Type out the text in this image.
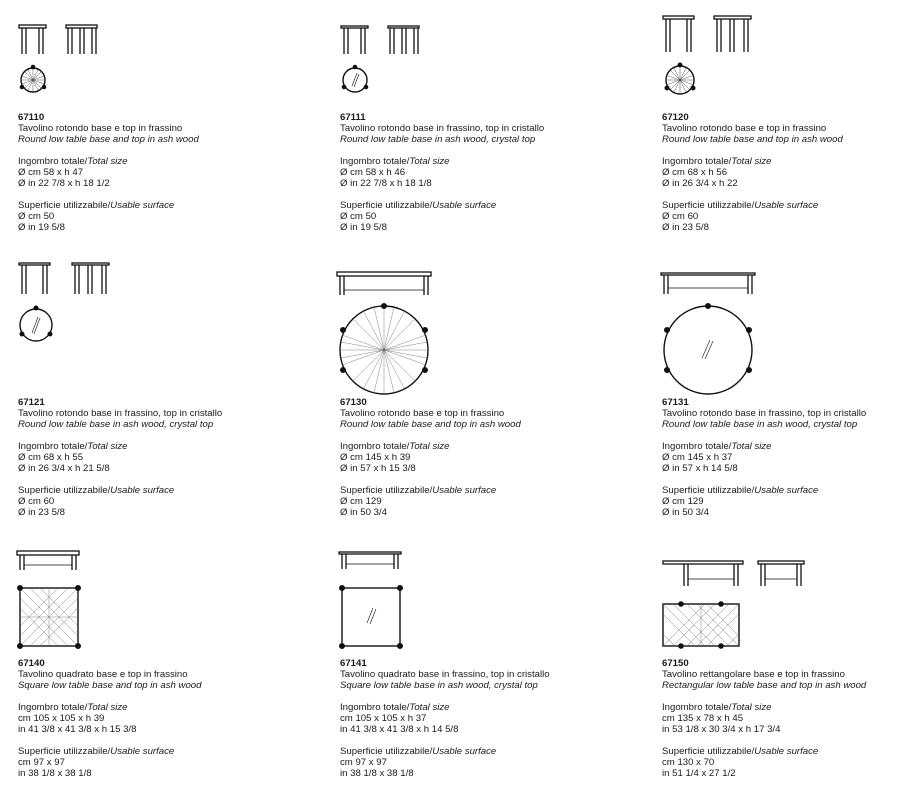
67110
Tavolino rotondo base e top in frassino
Round low table base and top in ash wood
Ingombro totale/Total size
Ø cm 58 x h 47
Ø in 22 7/8 x h 18 1/2
Superficie utilizzabile/Usable surface
Ø cm 50
Ø in 19 5/8
67111
Tavolino rotondo base in frassino, top in cristallo
Round low table base in ash wood, crystal top
Ingombro totale/Total size
Ø cm 58 x h 46
Ø in 22 7/8 x h 18 1/8
Superficie utilizzabile/Usable surface
Ø cm 50
Ø in 19 5/8
67120
Tavolino rotondo base e top in frassino
Round low table base and top in ash wood
Ingombro totale/Total size
Ø cm 68 x h 56
Ø in 26 3/4 x h 22
Superficie utilizzabile/Usable surface
Ø cm 60
Ø in 23 5/8
67121
Tavolino rotondo base in frassino, top in cristallo
Round low table base in ash wood, crystal top
Ingombro totale/Total size
Ø cm 68 x h 55
Ø in 26 3/4 x h 21 5/8
Superficie utilizzabile/Usable surface
Ø cm 60
Ø in 23 5/8
67130
Tavolino rotondo base e top in frassino
Round low table base and top in ash wood
Ingombro totale/Total size
Ø cm 145 x h 39
Ø in 57 x h 15 3/8
Superficie utilizzabile/Usable surface
Ø cm 129
Ø in 50 3/4
67131
Tavolino rotondo base in frassino, top in cristallo
Round low table base in ash wood, crystal top
Ingombro totale/Total size
Ø cm 145 x h 37
Ø in 57 x h 14 5/8
Superficie utilizzabile/Usable surface
Ø cm 129
Ø in 50 3/4
67140
Tavolino quadrato base e top in frassino
Square low table base and top in ash wood
Ingombro totale/Total size
cm 105 x 105 x h 39
in 41 3/8 x 41 3/8 x h 15 3/8
Superficie utilizzabile/Usable surface
cm 97 x 97
in 38 1/8 x 38 1/8
67141
Tavolino quadrato base in frassino, top in cristallo
Square low table base in ash wood, crystal top
Ingombro totale/Total size
cm 105 x 105 x h 37
in 41 3/8 x 41 3/8 x h 14 5/8
Superficie utilizzabile/Usable surface
cm 97 x 97
in 38 1/8 x 38 1/8
67150
Tavolino rettangolare base e top in frassino
Rectangular low table base and top in ash wood
Ingombro totale/Total size
cm 135 x 78 x h 45
in 53 1/8 x 30 3/4 x h 17 3/4
Superficie utilizzabile/Usable surface
cm 130 x 70
in 51 1/4 x 27 1/2
